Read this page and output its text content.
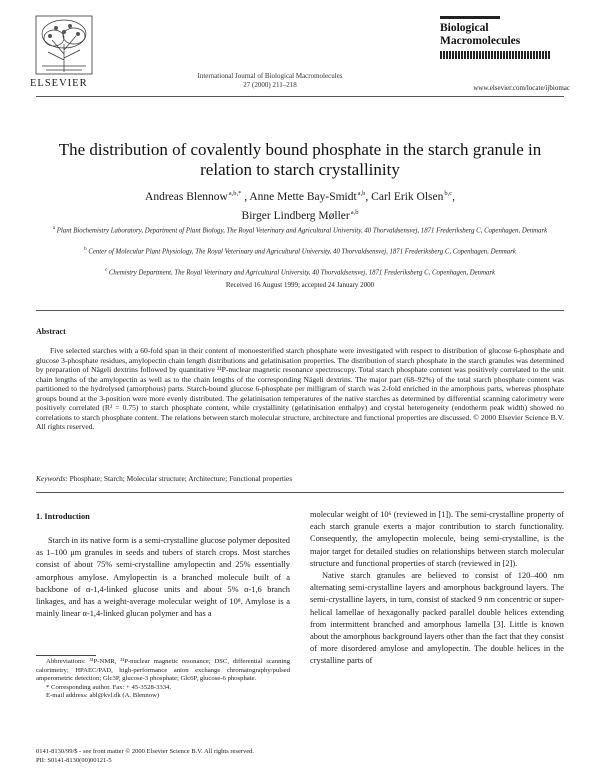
ELSEVIER
International Journal of Biological Macromolecules
27 (2000) 211–218
Biological
Macromolecules
www.elsevier.com/locate/ijbiomac
The distribution of covalently bound phosphate in the starch granule in relation to starch crystallinity
Andreas Blennow $^{a,b,*}$ , Anne Mette Bay-Smidt $^{a,b}$, Carl Erik Olsen $^{b,c}$,
Birger Lindberg Møller $^{a,b}$
$^a$ Plant Biochemistry Laboratory, Department of Plant Biology, The Royal Veterinary and Agricultural University, 40 Thorvaldsensvej, 1871 Frederiksberg C, Copenhagen, Denmark
$^b$ Center of Molecular Plant Physiology, The Royal Veterinary and Agricultural University, 40 Thorvaldsensvej, 1871 Frederiksberg C, Copenhagen, Denmark
$^c$ Chemistry Department, The Royal Veterinary and Agricultural University, 40 Thorvaldsensvej, 1871 Frederiksberg C, Copenhagen, Denmark
Received 16 August 1999; accepted 24 January 2000
Abstract
Five selected starches with a 60-fold span in their content of monoesterified starch phosphate were investigated with respect to distribution of glucose 6-phosphate and glucose 3-phosphate residues, amylopectin chain length distributions and gelatinisation properties. The distribution of starch phosphate in the starch granules was determined by preparation of Nägeli dextrins followed by quantitative ³¹P-nuclear magnetic resonance spectroscopy. Total starch phosphate content was positively correlated to the unit chain lengths of the amylopectin as well as to the chain lengths of the corresponding Nägeli dextrins. The major part (68–92%) of the total starch phosphate content was partitioned to the hydrolysed (amorphous) parts. Starch-bound glucose 6-phosphate per milligram of starch was 2-fold enriched in the amorphous parts, whereas phosphate groups bound at the 3-position were more evenly distributed. The gelatinisation temperatures of the native starches as determined by differential scanning calorimetry were positively correlated (R² = 0.75) to starch phosphate content, while crystallinity (gelatinisation enthalpy) and crystal heterogeneity (endotherm peak width) showed no correlations to starch phosphate content. The relations between starch molecular structure, architecture and functional properties are discussed. © 2000 Elsevier Science B.V. All rights reserved.
Keywords: Phosphate; Starch; Molecular structure; Architecture; Functional properties
1. Introduction

Starch in its native form is a semi-crystalline glucose polymer deposited as 1–100 μm granules in seeds and tubers of starch crops. Most starches consist of about 75% semi-crystalline amylopectin and 25% essentially amorphous amylose. Amylopectin is a branched molecule built of a backbone of α-1,4-linked glucose units and about 5% α-1,6 branch linkages, and has a weight-average molecular weight of 10⁸. Amylose is a mainly linear α-1,4-linked glucan polymer and has a

molecular weight of 10⁶ (reviewed in [1]). The semi-crystalline property of each starch granule exerts a major contribution to starch functionality. Consequently, the amylopectin molecule, being semi-crystalline, is the major target for detailed studies on relationships between starch molecular structure and functional properties of starch (reviewed in [2]).

Native starch granules are believed to consist of 120–400 nm alternating semi-crystalline layers and amorphous background layers. The semi-crystalline layers, in turn, consist of stacked 9 nm concentric or super-helical lamellae of hexagonally packed parallel double helices extending from intermittent branched and amorphous lamella [3]. Little is known about the amorphous background layers other than the fact that they consist of more disordered amylose and amylopectin. The double helices in the crystalline parts of

Abbreviations: ³¹P-NMR, ³¹P-nuclear magnetic resonance; DSC, differential scanning calorimetry; HPAEC/PAD, high-performance anion exchange chromatography/pulsed amperometric detection; Glc3P, glucose-3 phosphate; Glc6P, glucose-6 phosphate.

* Corresponding author. Fax: + 45-3528-3334.

E-mail address: abl@kvl.dk (A. Blennow)

0141-8130/99/$ - see front matter © 2000 Elsevier Science B.V. All rights reserved.
PII: S0141-8130(00)00121-5
